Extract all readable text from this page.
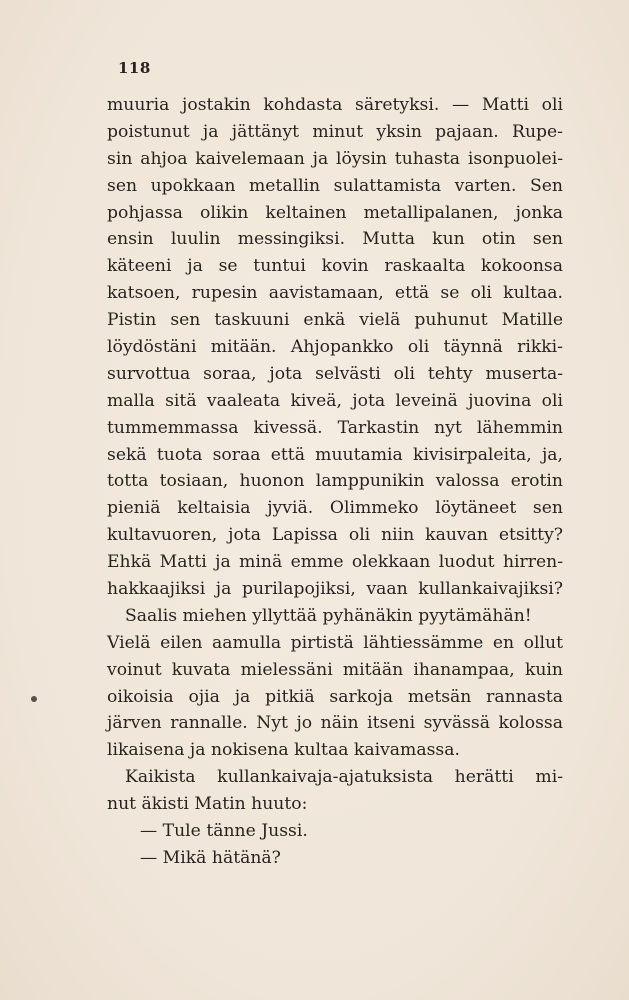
118
muuria jostakin kohdasta säretyksi. — Matti oli
poistunut ja jättänyt minut yksin pajaan. Rupe-
sin ahjoa kaivelemaan ja löysin tuhasta isonpuolei-
sen upokkaan metallin sulattamista varten. Sen
pohjassa olikin keltainen metallipalanen, jonka
ensin luulin messingiksi. Mutta kun otin sen
käteeni ja se tuntui kovin raskaalta kokoonsa
katsoen, rupesin aavistamaan, että se oli kultaa.
Pistin sen taskuuni enkä vielä puhunut Matille
löydöstäni mitään. Ahjopankko oli täynnä rikki-
survottua soraa, jota selvästi oli tehty muserta-
malla sitä vaaleata kiveä, jota leveinä juovina oli
tummemmassa kivessä. Tarkastin nyt lähemmin
sekä tuota soraa että muutamia kivisirpaleita, ja,
totta tosiaan, huonon lamppunikin valossa erotin
pieniä keltaisia jyviä. Olimmeko löytäneet sen
kultavuoren, jota Lapissa oli niin kauvan etsitty?
Ehkä Matti ja minä emme olekkaan luodut hirren-
hakkaajiksi ja purilapojiksi, vaan kullankaivajiksi?
Saalis miehen yllyttää pyhänäkin pyytämähän!
Vielä eilen aamulla pirtistä lähtiessämme en ollut
voinut kuvata mielessäni mitään ihanampaa, kuin
oikoisia ojia ja pitkiä sarkoja metsän rannasta
järven rannalle. Nyt jo näin itseni syvässä kolossa
likaisena ja nokisena kultaa kaivamassa.
Kaikista kullankaivaja-ajatuksista herätti mi-
nut äkisti Matin huuto:
— Tule tänne Jussi.
— Mikä hätänä?
